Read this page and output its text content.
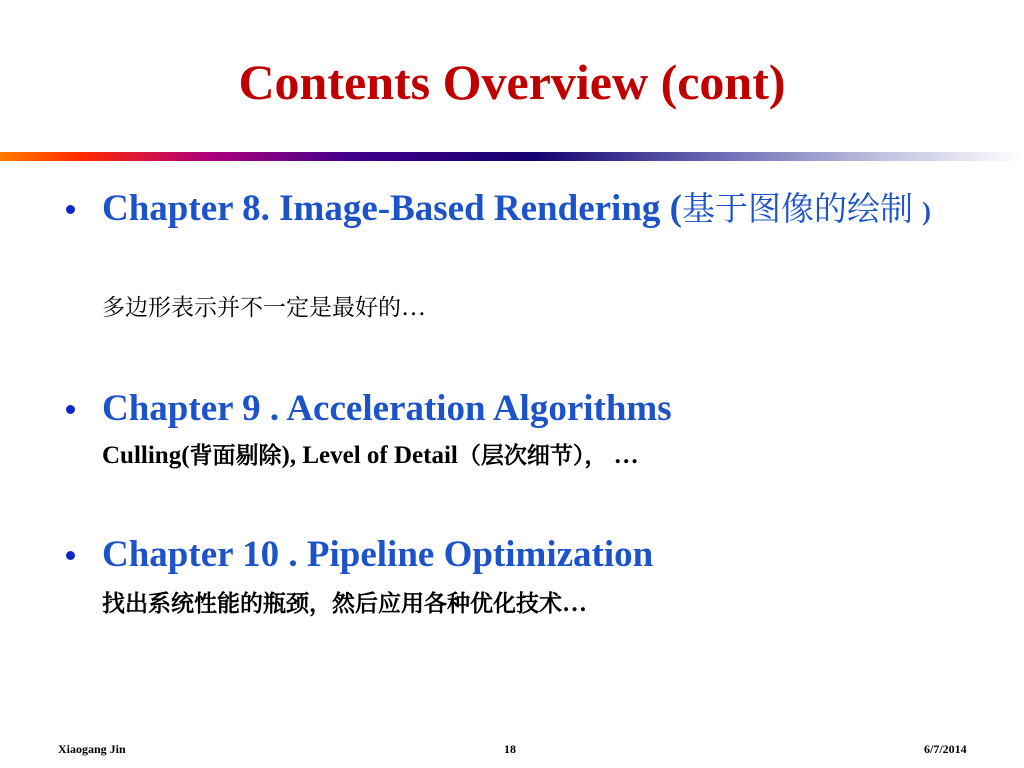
Contents Overview (cont)
Chapter 8. Image-Based Rendering (基于图像的绘制 )
多边形表示并不一定是最好的…
Chapter 9 . Acceleration Algorithms
Culling(背面剔除), Level of Detail（层次细节）， …
Chapter 10 . Pipeline Optimization
找出系统性能的瓶颈，然后应用各种优化技术…
Xiaogang Jin	18	6/7/2014
